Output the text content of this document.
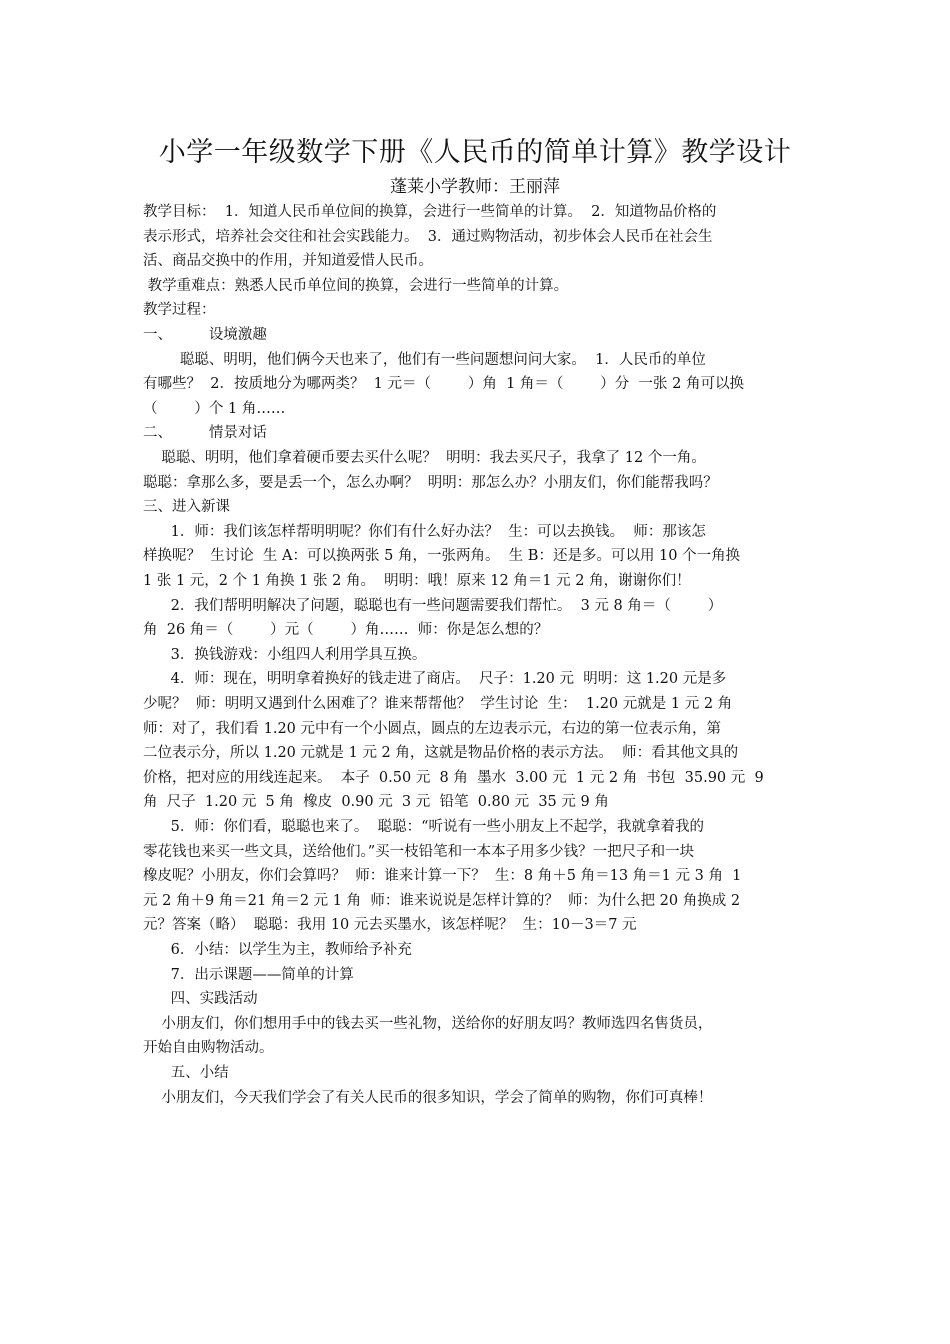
小学一年级数学下册《人民币的简单计算》教学设计
蓬莱小学教师：王丽萍
教学目标：  1．知道人民币单位间的换算，会进行一些简单的计算。  2．知道物品价格的
表示形式，培养社会交往和社会实践能力。  3．通过购物活动，初步体会人民币在社会生
活、商品交换中的作用，并知道爱惜人民币。
教学重难点：熟悉人民币单位间的换算，会进行一些简单的计算。
教学过程：
一、        设境激趣
聪聪、明明，他们俩今天也来了，他们有一些问题想问问大家。  1．人民币的单位
有哪些？  2．按质地分为哪两类？  1 元＝（        ）角  1 角＝（        ）分  一张 2 角可以换
（        ）个 1 角……
二、        情景对话
聪聪、明明，他们拿着硬币要去买什么呢？  明明：我去买尺子，我拿了 12 个一角。
聪聪：拿那么多，要是丢一个，怎么办啊？  明明：那怎么办？小朋友们，你们能帮我吗？
三、进入新课
1．师：我们该怎样帮明明呢？你们有什么好办法？  生：可以去换钱。  师：那该怎
样换呢？  生讨论  生 A：可以换两张 5 角，一张两角。  生 B：还是多。可以用 10 个一角换
1 张 1 元，2 个 1 角换 1 张 2 角。  明明：哦！原来 12 角＝1 元 2 角，谢谢你们！
2．我们帮明明解决了问题，聪聪也有一些问题需要我们帮忙。  3 元 8 角＝（        ）
角  26 角＝（        ）元（        ）角……  师：你是怎么想的？
3．换钱游戏：小组四人利用学具互换。
4．师：现在，明明拿着换好的钱走进了商店。  尺子：1.20 元  明明：这 1.20 元是多
少呢？  师：明明又遇到什么困难了？谁来帮帮他？  学生讨论  生：  1.20 元就是 1 元 2 角
师：对了，我们看 1.20 元中有一个小圆点，圆点的左边表示元，右边的第一位表示角，第
二位表示分，所以 1.20 元就是 1 元 2 角，这就是物品价格的表示方法。  师：看其他文具的
价格，把对应的用线连起来。  本子  0.50 元  8 角  墨水  3.00 元  1 元 2 角  书包  35.90 元  9
角  尺子  1.20 元  5 角  橡皮  0.90 元  3 元  铅笔  0.80 元  35 元 9 角
5．师：你们看，聪聪也来了。  聪聪：“听说有一些小朋友上不起学，我就拿着我的
零花钱也来买一些文具，送给他们。”买一枝铅笔和一本本子用多少钱？一把尺子和一块
橡皮呢？小朋友，你们会算吗？  师：谁来计算一下？  生：8 角＋5 角＝13 角＝1 元 3 角  1
元 2 角＋9 角＝21 角＝2 元 1 角  师：谁来说说是怎样计算的？  师：为什么把 20 角换成 2
元？答案（略）  聪聪：我用 10 元去买墨水，该怎样呢？  生：10－3＝7 元
6．小结：以学生为主，教师给予补充
7．出示课题——简单的计算
四、实践活动
小朋友们，你们想用手中的钱去买一些礼物，送给你的好朋友吗？教师选四名售货员，
开始自由购物活动。
五、小结
小朋友们，今天我们学会了有关人民币的很多知识，学会了简单的购物，你们可真棒！
